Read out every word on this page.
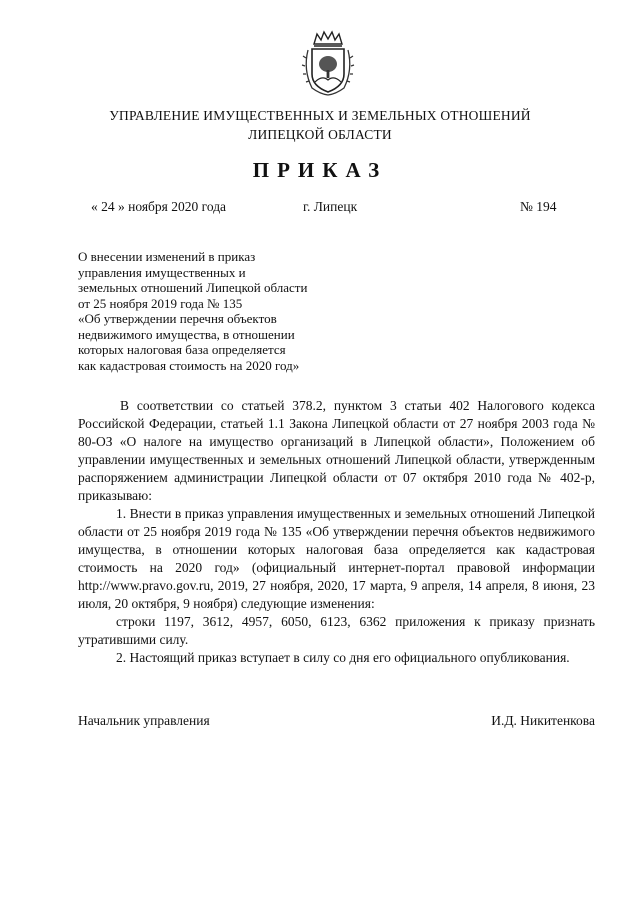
УПРАВЛЕНИЕ ИМУЩЕСТВЕННЫХ И ЗЕМЕЛЬНЫХ ОТНОШЕНИЙ
ЛИПЕЦКОЙ ОБЛАСТИ
ПРИКАЗ
« 24 » ноября 2020 года	г. Липецк	№ 194
О внесении изменений в приказ
управления имущественных и
земельных отношений Липецкой области
от 25 ноября 2019 года № 135
«Об утверждении перечня объектов
недвижимого имущества, в отношении
которых налоговая база определяется
как кадастровая стоимость на 2020 год»

В соответствии со статьей 378.2, пунктом 3 статьи 402 Налогового кодекса Российской Федерации, статьей 1.1 Закона Липецкой области от 27 ноября 2003 года № 80-ОЗ «О налоге на имущество организаций в Липецкой области», Положением об управлении имущественных и земельных отношений Липецкой области, утвержденным распоряжением администрации Липецкой области от 07 октября 2010 года № 402-р, приказываю:

1. Внести в приказ управления имущественных и земельных отношений Липецкой области от 25 ноября 2019 года № 135 «Об утверждении перечня объектов недвижимого имущества, в отношении которых налоговая база определяется как кадастровая стоимость на 2020 год» (официальный интернет-портал правовой информации http://www.pravo.gov.ru, 2019, 27 ноября, 2020, 17 марта, 9 апреля, 14 апреля, 8 июня, 23 июля, 20 октября, 9 ноября) следующие изменения:

строки 1197, 3612, 4957, 6050, 6123, 6362 приложения к приказу признать утратившими силу.

2. Настоящий приказ вступает в силу со дня его официального опубликования.

Начальник управления	И.Д. Никитенкова
